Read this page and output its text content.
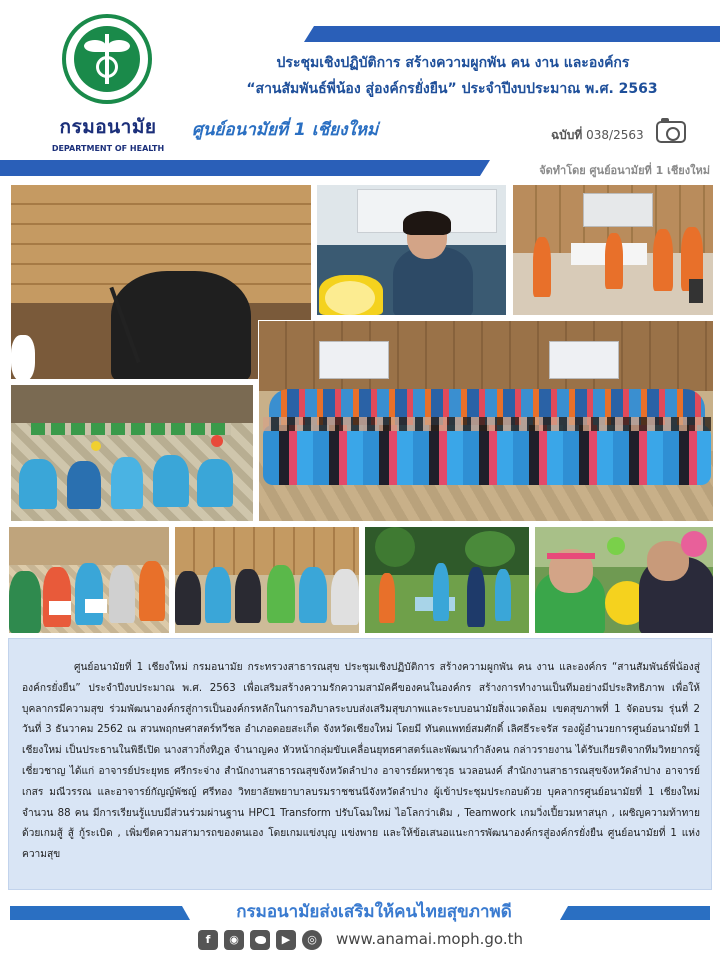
กรมอนามัย
DEPARTMENT OF HEALTH
ประชุมเชิงปฏิบัติการ สร้างความผูกพัน คน งาน และองค์กร
“สานสัมพันธ์พี่น้อง สู่องค์กรยั่งยืน” ประจำปีงบประมาณ พ.ศ. 2563
ศูนย์อนามัยที่ 1 เชียงใหม่	ฉบับที่ 038/2563
จัดทำโดย ศูนย์อนามัยที่ 1 เชียงใหม่

ศูนย์อนามัยที่ 1 เชียงใหม่ กรมอนามัย กระทรวงสาธารณสุข ประชุมเชิงปฏิบัติการ สร้างความผูกพัน คน งาน และองค์กร “สานสัมพันธ์พี่น้องสู่องค์กรยั่งยืน” ประจำปีงบประมาณ พ.ศ. 2563 เพื่อเสริมสร้างความรักความสามัคคีของคนในองค์กร สร้างการทำงานเป็นทีมอย่างมีประสิทธิภาพ เพื่อให้บุคลากรมีความสุข ร่วมพัฒนาองค์กรสู่การเป็นองค์กรหลักในการอภิบาลระบบส่งเสริมสุขภาพและระบบอนามัยสิ่งแวดล้อม เขตสุขภาพที่ 1 จัดอบรม รุ่นที่ 2 วันที่ 3 ธันวาคม 2562 ณ สวนพฤกษศาสตร์ทวีชล อำเภอดอยสะเก็ด จังหวัดเชียงใหม่ โดยมี ทันตแพทย์สมศักดิ์ เลิศธีระจรัส รองผู้อำนวยการศูนย์อนามัยที่ 1 เชียงใหม่ เป็นประธานในพิธีเปิด นางสาวกิ่งทิฎล จำนาญคง หัวหน้ากลุ่มขับเคลื่อนยุทธศาสตร์และพัฒนากำลังคน กล่าวรายงาน ได้รับเกียรติจากทีมวิทยากรผู้เชี่ยวชาญ ได้แก่ อาจารย์ประยุทธ ศรีกระจ่าง สำนักงานสาธารณสุขจังหวัดลำปาง อาจารย์ผหาชวุธ นวลอนงค์ สำนักงานสาธารณสุขจังหวัดลำปาง อาจารย์เกสร มณีวรรณ และอาจารย์กัญญ์พัชญ์ ศรีทอง วิทยาลัยพยาบาลบรมราชชนนีจังหวัดลำปาง ผู้เข้าประชุมประกอบด้วย บุคลากรศูนย์อนามัยที่ 1 เชียงใหม่ จำนวน 88 คน มีการเรียนรู้แบบมีส่วนร่วมผ่านฐาน HPC1 Transform ปรับโฉมใหม่ ไอโลกว่าเดิม , Teamwork เกมวิ่งเปี้ยวมหาสนุก , เผชิญความท้าทาย ด้วยเกมสู้ สู้ กู้ระเบิด , เพิ่มขีดความสามารถของตนเอง โดยเกมแข่งบุญ แข่งพาย และให้ข้อเสนอแนะการพัฒนาองค์กรสู่องค์กรยั่งยืน ศูนย์อนามัยที่ 1 แห่งความสุข

กรมอนามัยส่งเสริมให้คนไทยสุขภาพดี
f	◉	▶	◎	www.anamai.moph.go.th
